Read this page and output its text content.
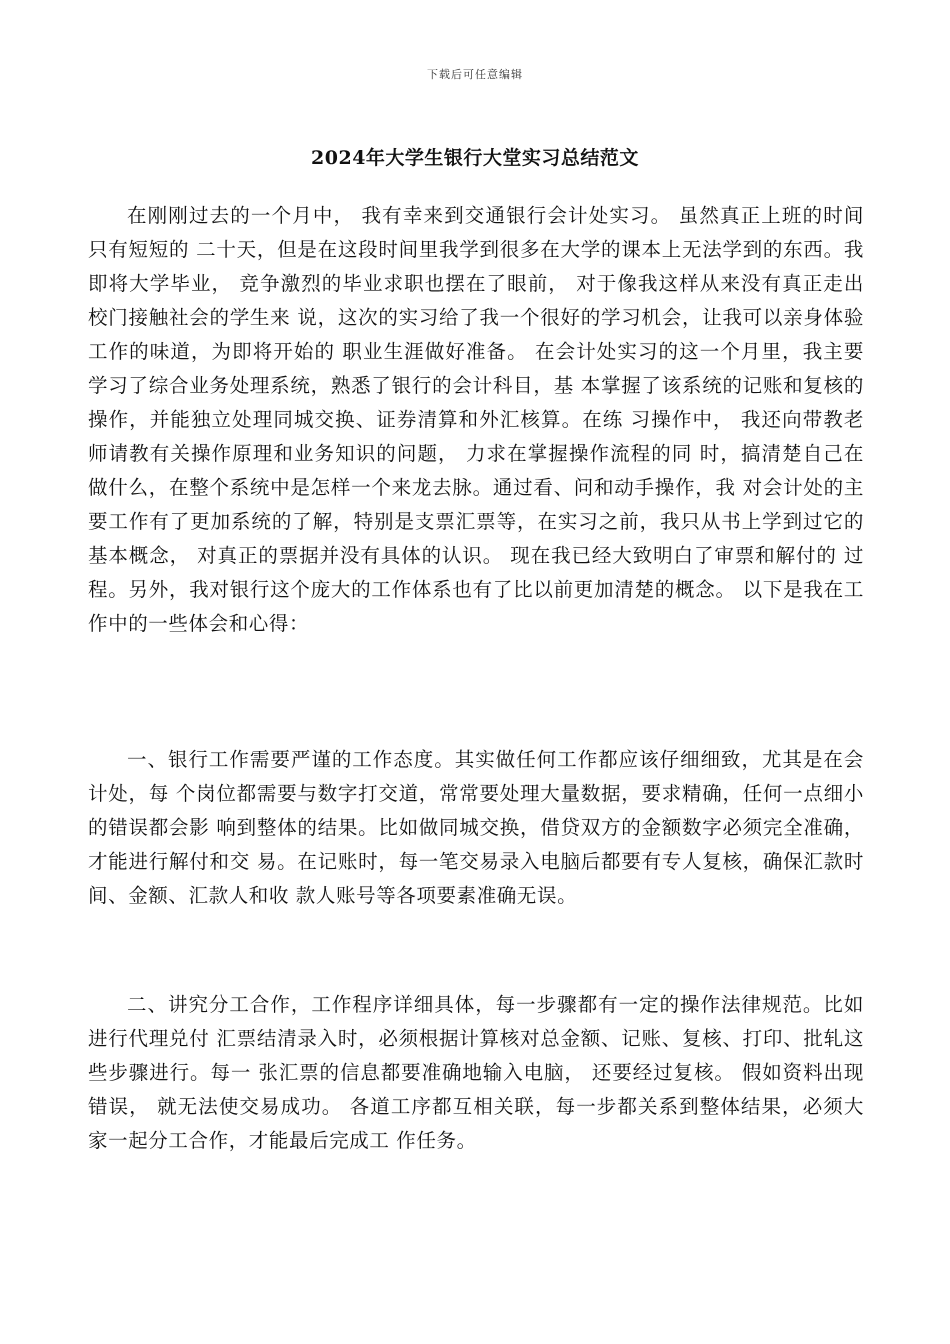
下载后可任意编辑
2024年大学生银行大堂实习总结范文

在刚刚过去的一个月中， 我有幸来到交通银行会计处实习。 虽然真正上班的时间只有短短的 二十天，但是在这段时间里我学到很多在大学的课本上无法学到的东西。我即将大学毕业， 竞争激烈的毕业求职也摆在了眼前， 对于像我这样从来没有真正走出校门接触社会的学生来 说，这次的实习给了我一个很好的学习机会，让我可以亲身体验工作的味道，为即将开始的 职业生涯做好准备。 在会计处实习的这一个月里，我主要学习了综合业务处理系统，熟悉了银行的会计科目，基 本掌握了该系统的记账和复核的操作，并能独立处理同城交换、证券清算和外汇核算。在练 习操作中， 我还向带教老师请教有关操作原理和业务知识的问题， 力求在掌握操作流程的同 时，搞清楚自己在做什么，在整个系统中是怎样一个来龙去脉。通过看、问和动手操作，我 对会计处的主要工作有了更加系统的了解，特别是支票汇票等，在实习之前，我只从书上学到过它的基本概念， 对真正的票据并没有具体的认识。 现在我已经大致明白了审票和解付的 过程。另外，我对银行这个庞大的工作体系也有了比以前更加清楚的概念。 以下是我在工作中的一些体会和心得：

一、银行工作需要严谨的工作态度。其实做任何工作都应该仔细细致，尤其是在会计处，每 个岗位都需要与数字打交道，常常要处理大量数据，要求精确，任何一点细小的错误都会影 响到整体的结果。比如做同城交换，借贷双方的金额数字必须完全准确，才能进行解付和交 易。在记账时，每一笔交易录入电脑后都要有专人复核，确保汇款时间、金额、汇款人和收 款人账号等各项要素准确无误。

二、讲究分工合作，工作程序详细具体，每一步骤都有一定的操作法律规范。比如进行代理兑付 汇票结清录入时，必须根据计算核对总金额、记账、复核、打印、批轧这些步骤进行。每一 张汇票的信息都要准确地输入电脑， 还要经过复核。 假如资料出现错误， 就无法使交易成功。 各道工序都互相关联，每一步都关系到整体结果，必须大家一起分工合作，才能最后完成工 作任务。
